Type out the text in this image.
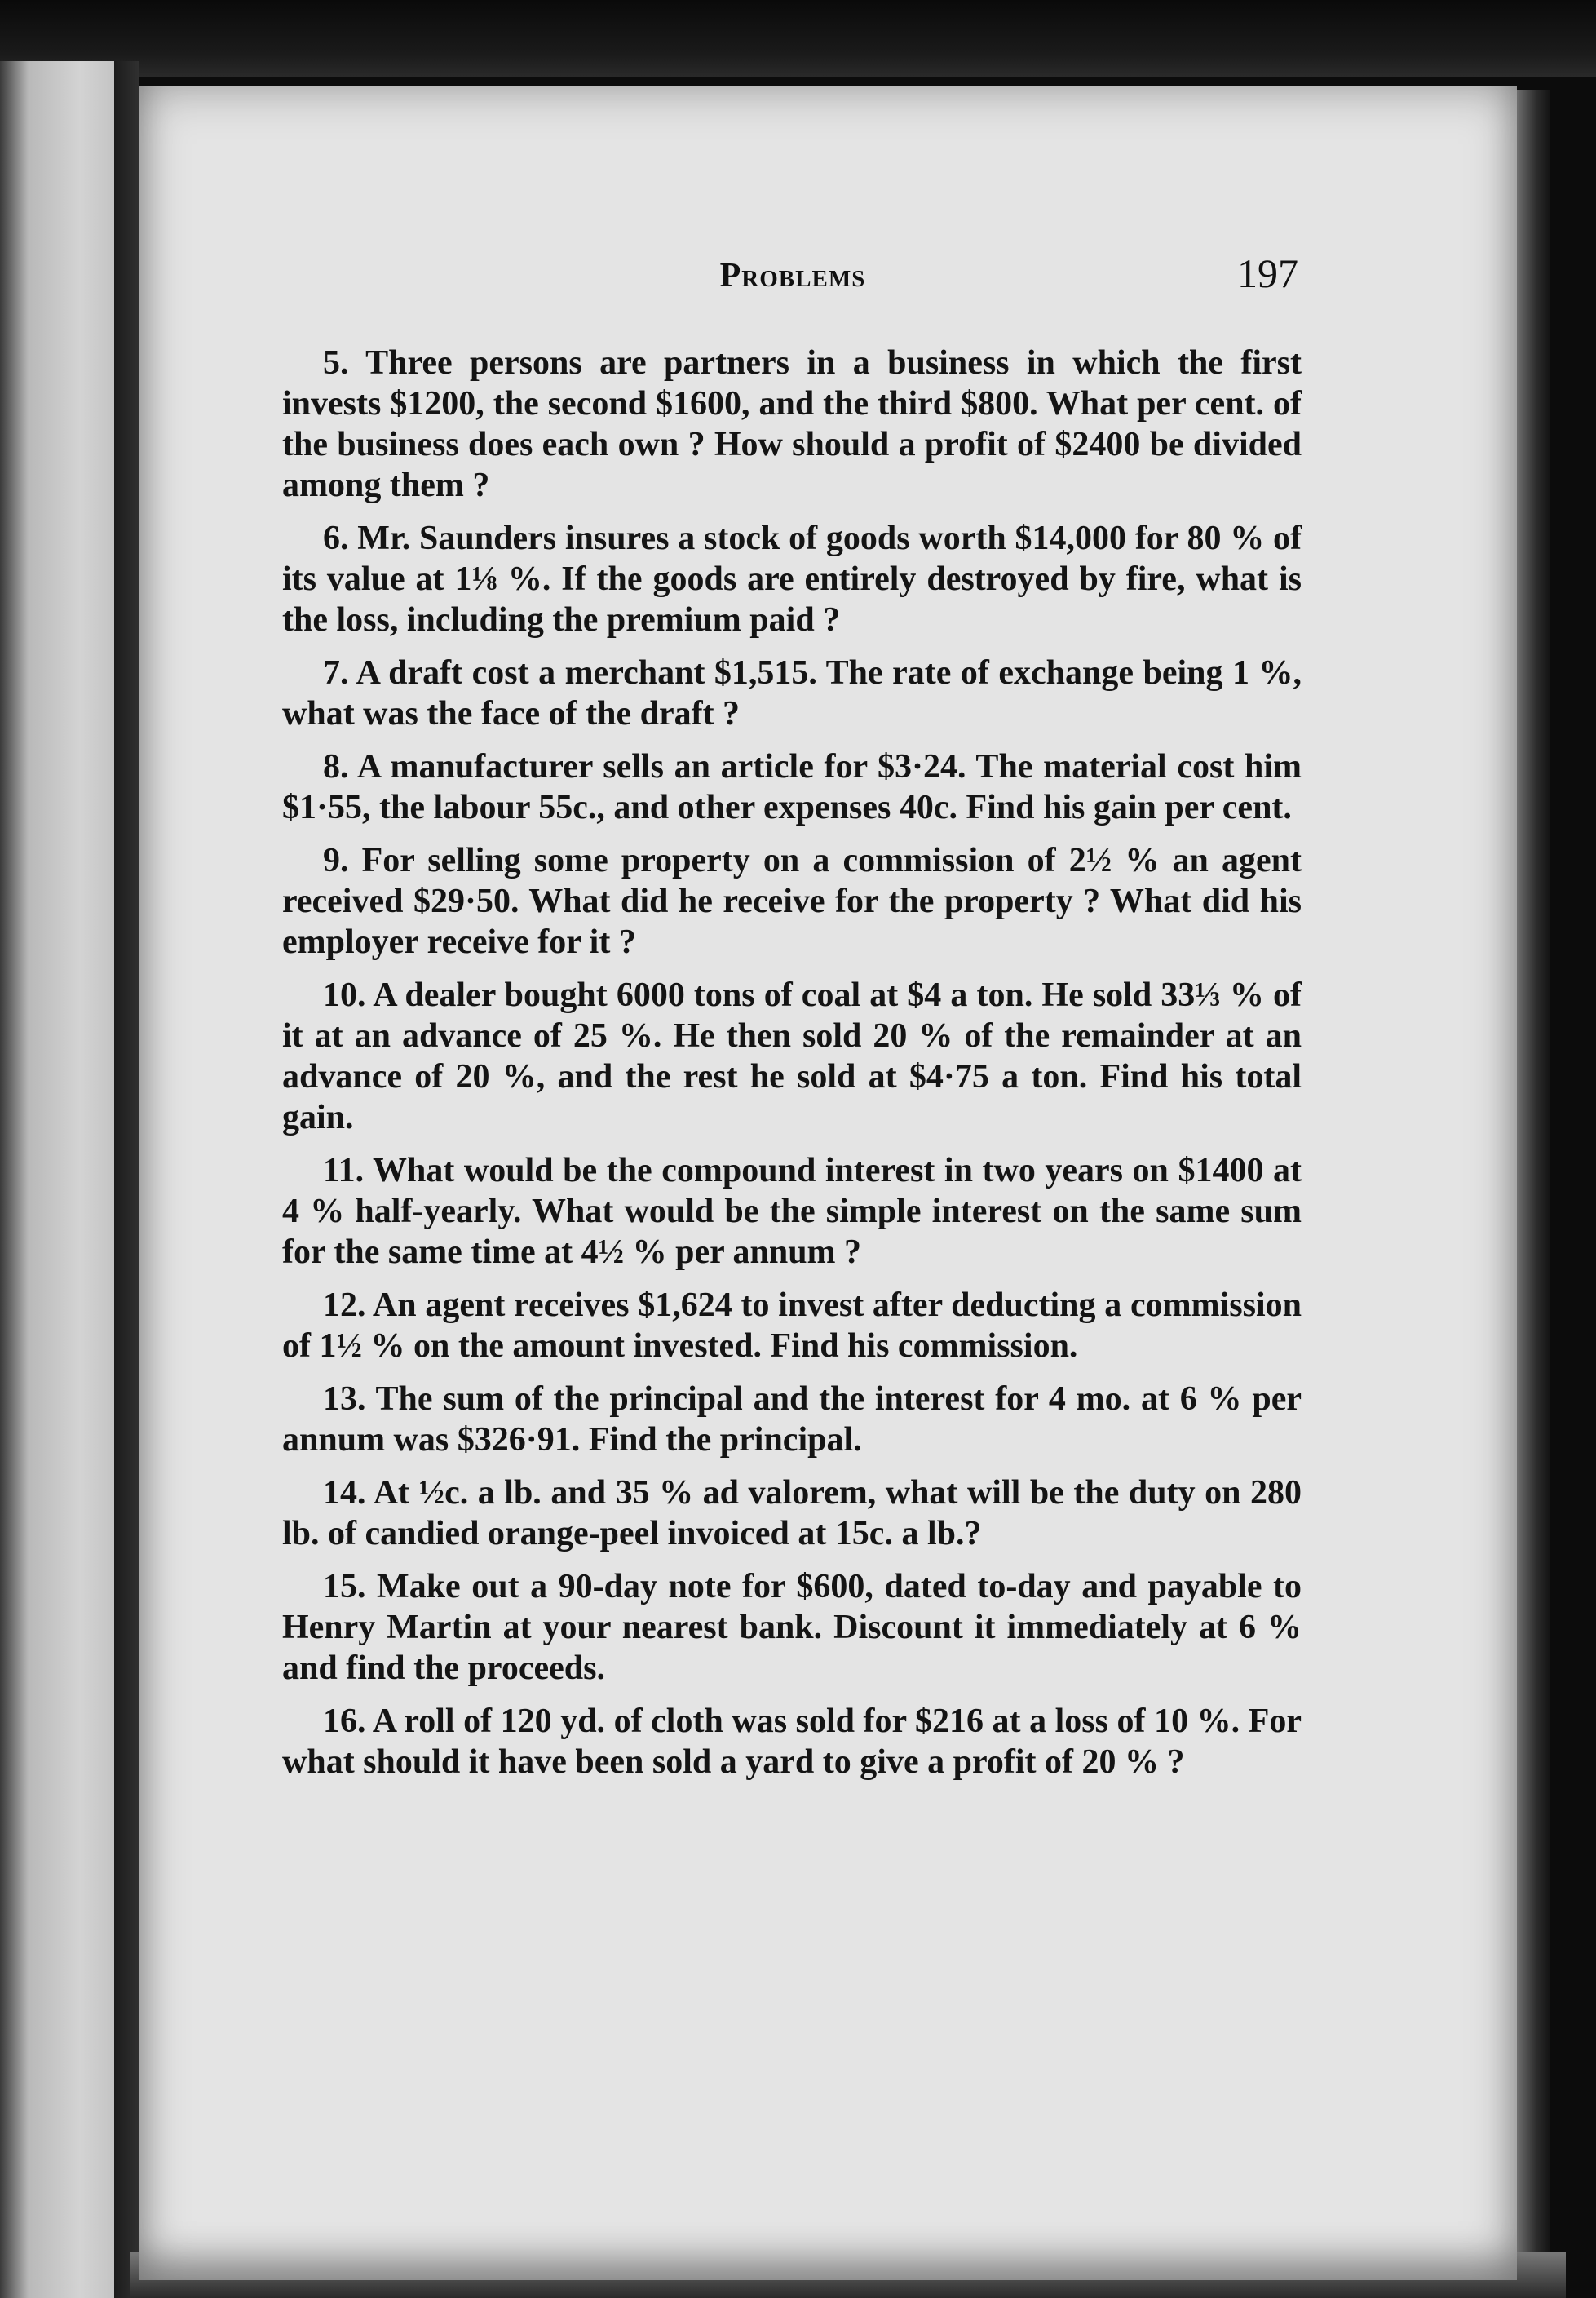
Problems	197

5. Three persons are partners in a business in which the first invests $1200, the second $1600, and the third $800. What per cent. of the business does each own ? How should a profit of $2400 be divided among them ?

6. Mr. Saunders insures a stock of goods worth $14,000 for 80 % of its value at 1⅛ %. If the goods are entirely destroyed by fire, what is the loss, including the premium paid ?

7. A draft cost a merchant $1,515. The rate of exchange being 1 %, what was the face of the draft ?

8. A manufacturer sells an article for $3·24. The material cost him $1·55, the labour 55c., and other expenses 40c. Find his gain per cent.

9. For selling some property on a commission of 2½ % an agent received $29·50. What did he receive for the property ? What did his employer receive for it ?

10. A dealer bought 6000 tons of coal at $4 a ton. He sold 33⅓ % of it at an advance of 25 %. He then sold 20 % of the remainder at an advance of 20 %, and the rest he sold at $4·75 a ton. Find his total gain.

11. What would be the compound interest in two years on $1400 at 4 % half-yearly. What would be the simple interest on the same sum for the same time at 4½ % per annum ?

12. An agent receives $1,624 to invest after deducting a commission of 1½ % on the amount invested. Find his commission.

13. The sum of the principal and the interest for 4 mo. at 6 % per annum was $326·91. Find the principal.

14. At ½c. a lb. and 35 % ad valorem, what will be the duty on 280 lb. of candied orange-peel invoiced at 15c. a lb.?

15. Make out a 90-day note for $600, dated to-day and payable to Henry Martin at your nearest bank. Discount it immediately at 6 % and find the proceeds.

16. A roll of 120 yd. of cloth was sold for $216 at a loss of 10 %. For what should it have been sold a yard to give a profit of 20 % ?
